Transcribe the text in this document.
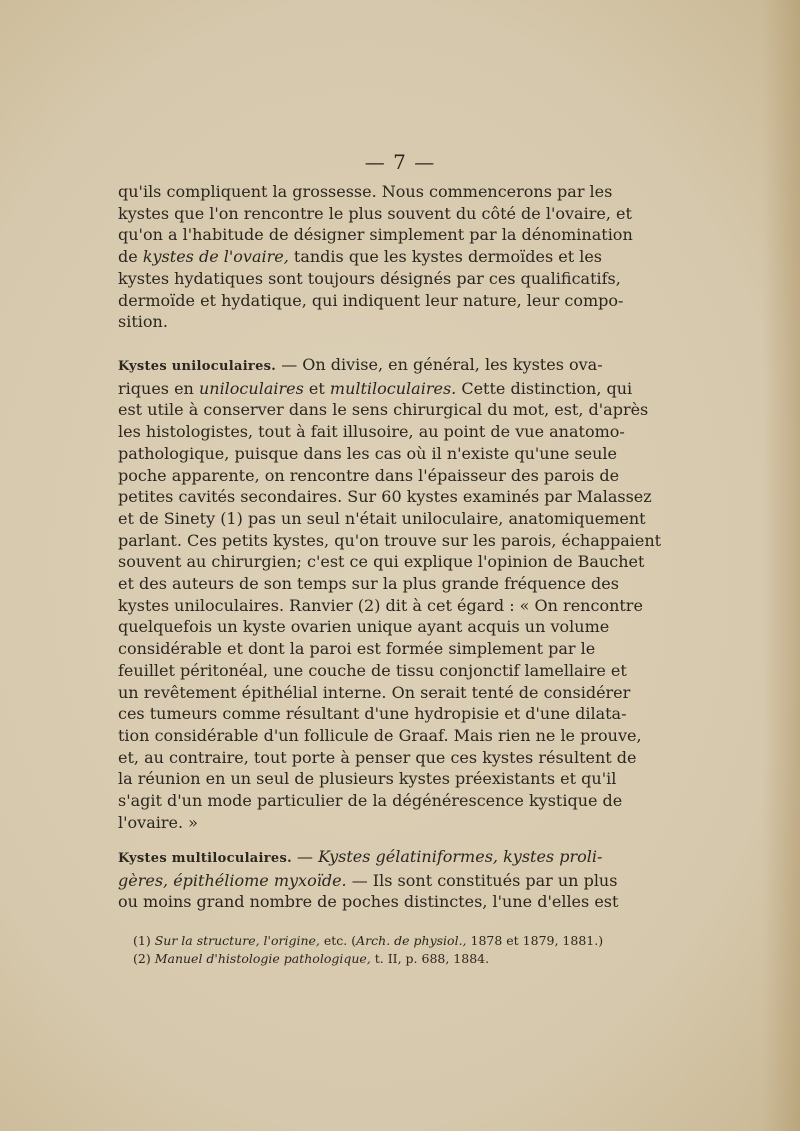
— 7 —
qu'ils compliquent la grossesse. Nous commencerons par les
kystes que l'on rencontre le plus souvent du côté de l'ovaire, et
qu'on a l'habitude de désigner simplement par la dénomination
de kystes de l'ovaire, tandis que les kystes dermoïdes et les
kystes hydatiques sont toujours désignés par ces qualificatifs,
dermoïde et hydatique, qui indiquent leur nature, leur compo-
sition.
Kystes uniloculaires. — On divise, en général, les kystes ova-
riques en uniloculaires et multiloculaires. Cette distinction, qui
est utile à conserver dans le sens chirurgical du mot, est, d'après
les histologistes, tout à fait illusoire, au point de vue anatomo-
pathologique, puisque dans les cas où il n'existe qu'une seule
poche apparente, on rencontre dans l'épaisseur des parois de
petites cavités secondaires. Sur 60 kystes examinés par Malassez
et de Sinety (1) pas un seul n'était uniloculaire, anatomiquement
parlant. Ces petits kystes, qu'on trouve sur les parois, échappaient
souvent au chirurgien; c'est ce qui explique l'opinion de Bauchet
et des auteurs de son temps sur la plus grande fréquence des
kystes uniloculaires. Ranvier (2) dit à cet égard : « On rencontre
quelquefois un kyste ovarien unique ayant acquis un volume
considérable et dont la paroi est formée simplement par le
feuillet péritonéal, une couche de tissu conjonctif lamellaire et
un revêtement épithélial interne. On serait tenté de considérer
ces tumeurs comme résultant d'une hydropisie et d'une dilata-
tion considérable d'un follicule de Graaf. Mais rien ne le prouve,
et, au contraire, tout porte à penser que ces kystes résultent de
la réunion en un seul de plusieurs kystes préexistants et qu'il
s'agit d'un mode particulier de la dégénérescence kystique de
l'ovaire. »
Kystes multiloculaires. — Kystes gélatiniformes, kystes proli-
gères, épithéliome myxoïde. — Ils sont constitués par un plus
ou moins grand nombre de poches distinctes, l'une d'elles est
(1) Sur la structure, l'origine, etc. (Arch. de physiol., 1878 et 1879, 1881.)
(2) Manuel d'histologie pathologique, t. II, p. 688, 1884.
